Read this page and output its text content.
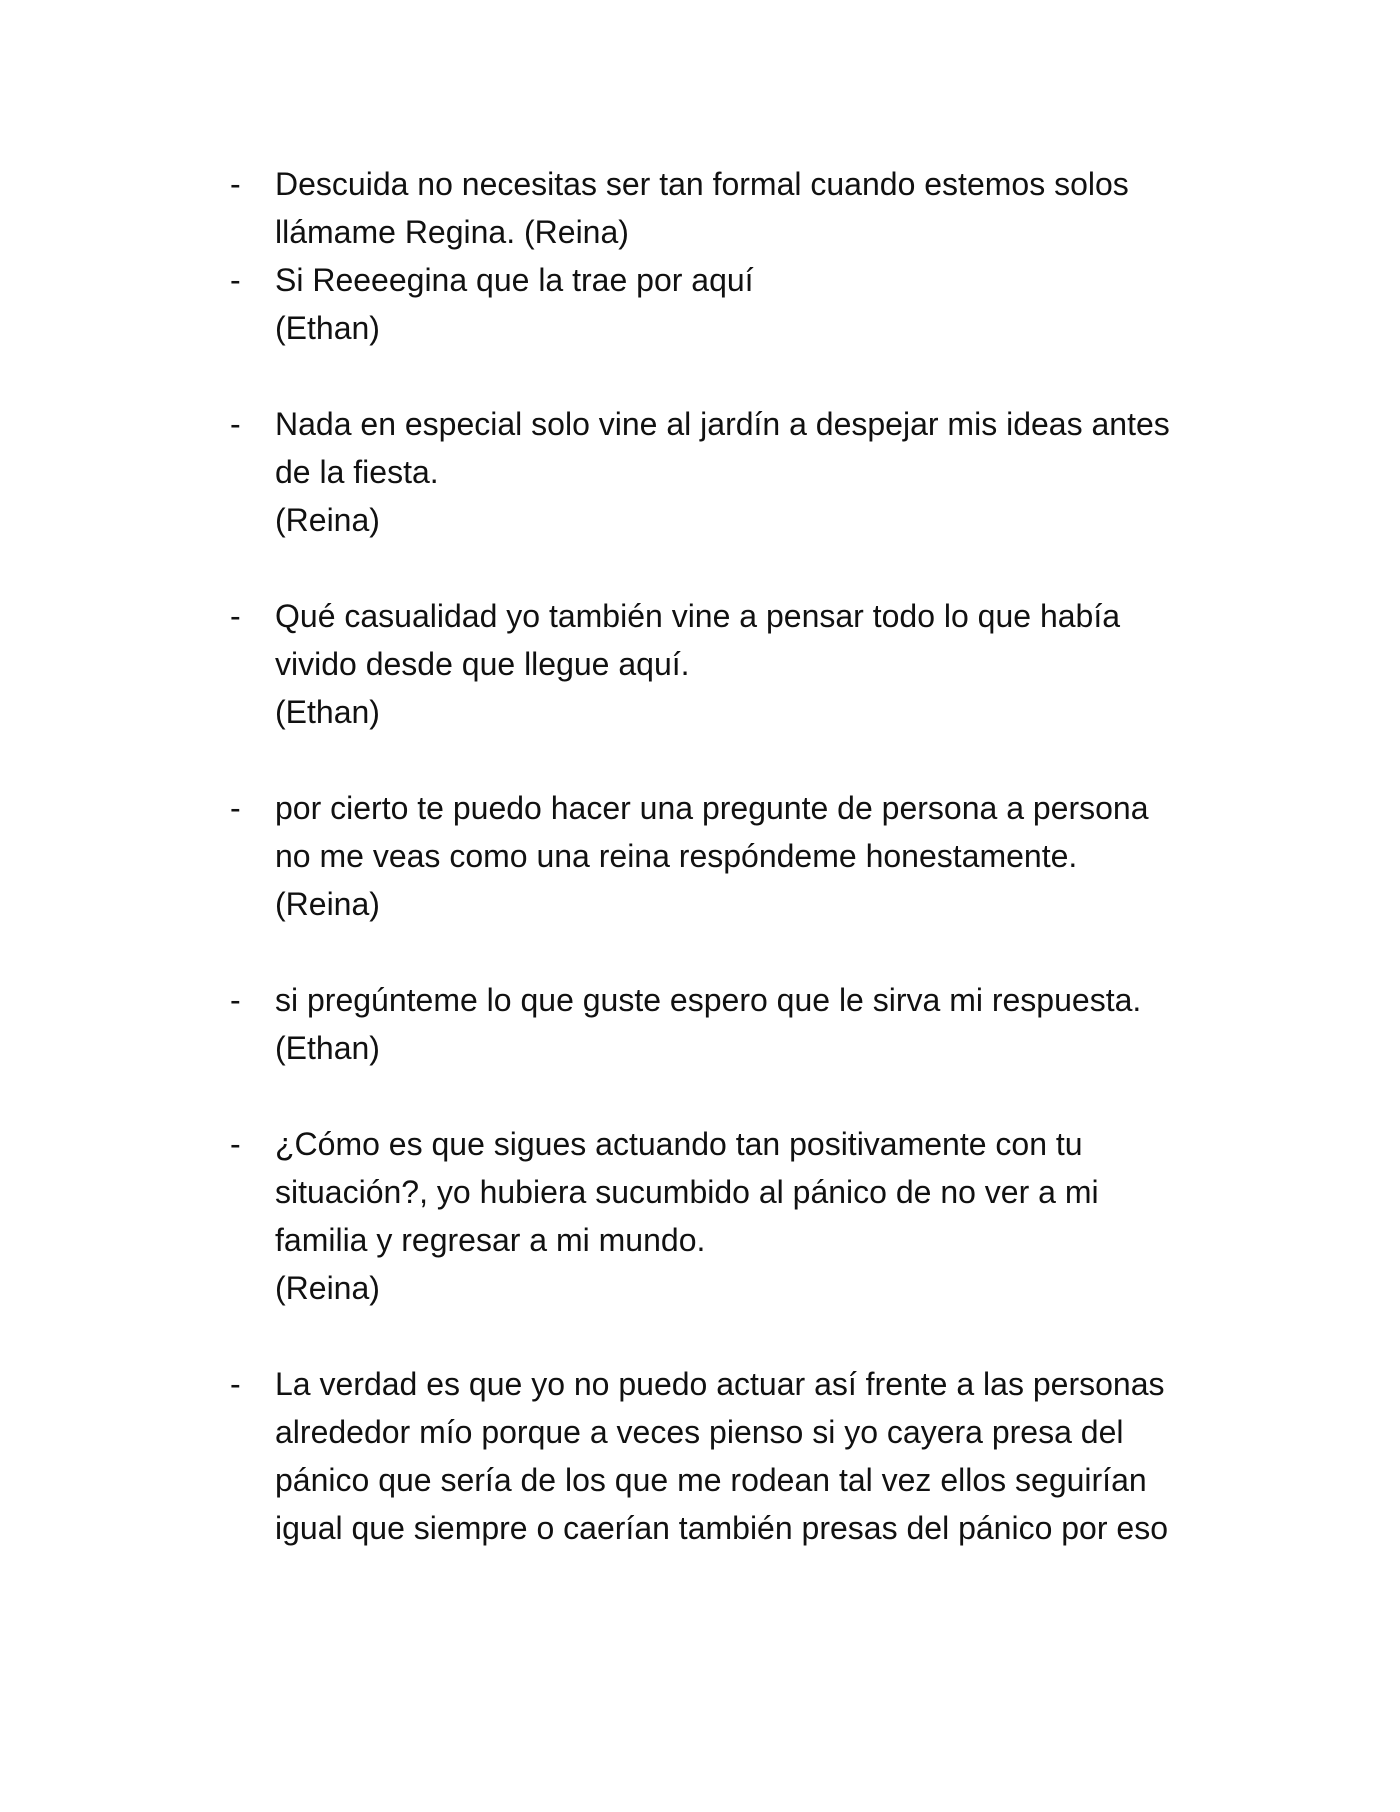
- Descuida no necesitas ser tan formal cuando estemos solos
llámame Regina. (Reina)
- Si Reeeegina que la trae por aquí
(Ethan)
- Nada en especial solo vine al jardín a despejar mis ideas antes
de la fiesta.
(Reina)
- Qué casualidad yo también vine a pensar todo lo que había
vivido desde que llegue aquí.
(Ethan)
- por cierto te puedo hacer una pregunte de persona a persona
no me veas como una reina respóndeme honestamente.
(Reina)
- si pregúnteme lo que guste espero que le sirva mi respuesta.
(Ethan)
- ¿Cómo es que sigues actuando tan positivamente con tu
situación?, yo hubiera sucumbido al pánico de no ver a mi
familia y regresar a mi mundo.
(Reina)
- La verdad es que yo no puedo actuar así frente a las personas
alrededor mío porque a veces pienso si yo cayera presa del
pánico que sería de los que me rodean tal vez ellos seguirían
igual que siempre o caerían también presas del pánico por eso
